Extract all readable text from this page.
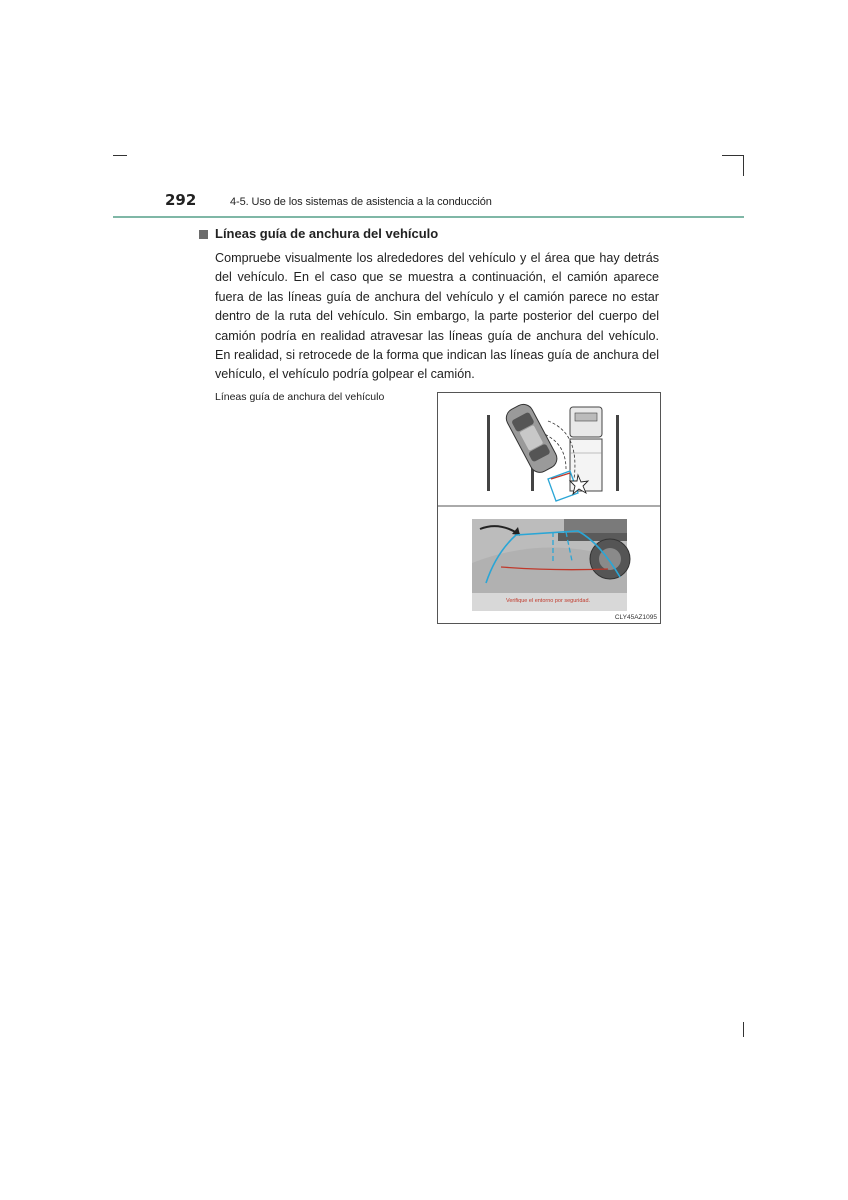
292	4-5. Uso de los sistemas de asistencia a la conducción
Líneas guía de anchura del vehículo
Compruebe visualmente los alrededores del vehículo y el área que hay detrás del vehículo. En el caso que se muestra a continuación, el camión aparece fuera de las líneas guía de anchura del vehículo y el camión parece no estar dentro de la ruta del vehículo. Sin embargo, la parte posterior del cuerpo del camión podría en realidad atravesar las líneas guía de anchura del vehículo. En realidad, si retrocede de la forma que indican las líneas guía de anchura del vehículo, el vehículo podría golpear el camión.
Líneas guía de anchura del vehículo
Verifique el entorno por seguridad.
CLY45AZ1095
